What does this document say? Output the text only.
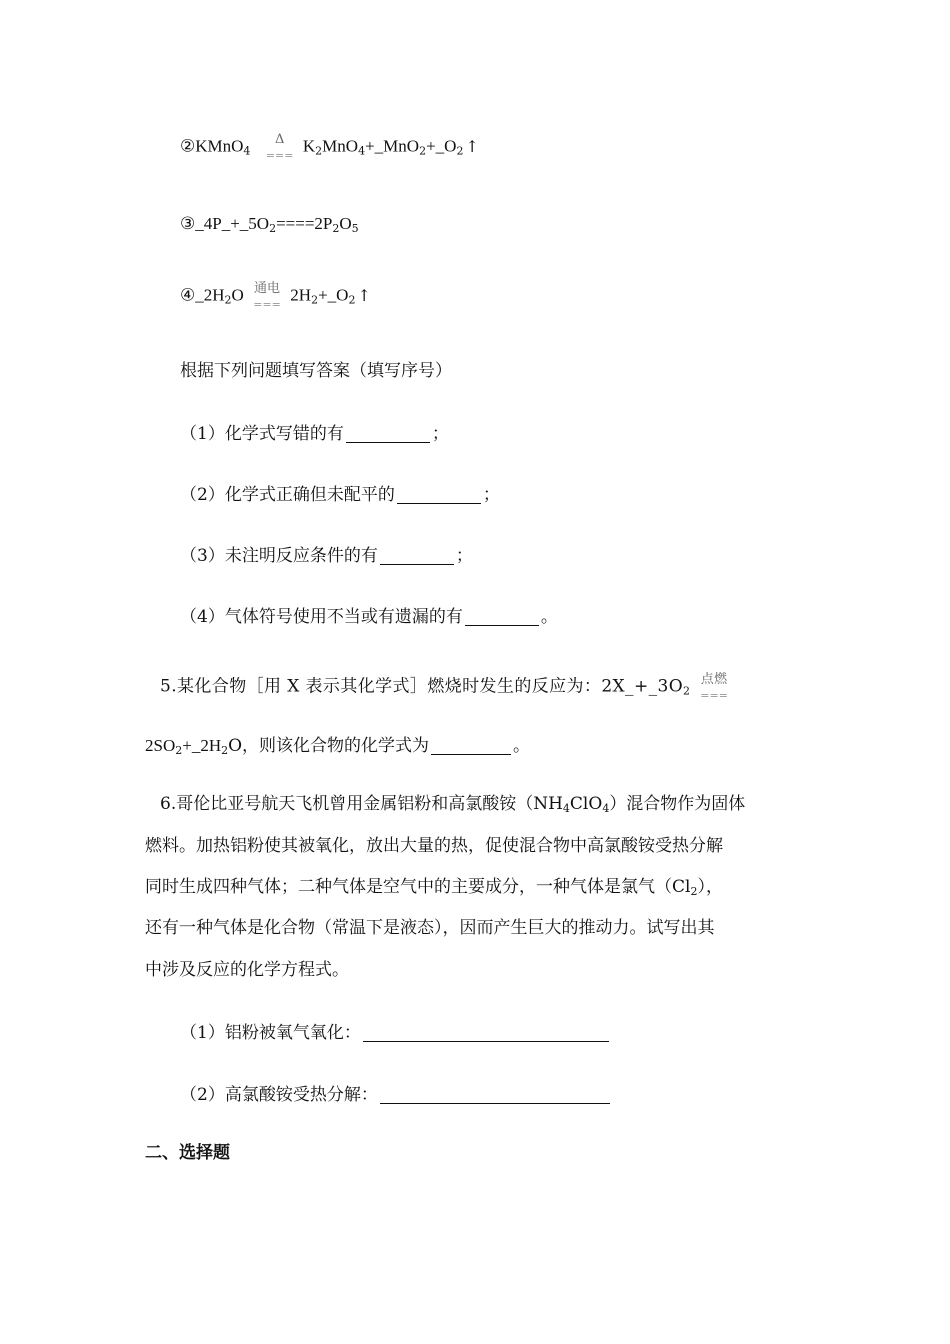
②KMnO$_4$
Δ
=== $K_2MnO_4+\_MnO_2+\_O_2$ ↑
$③\_4P\_+\_5O_2====2P_2O_5$
$④\_2H_2O$ 通电
=== $2H_2+\_O_2$ ↑
根据下列问题填写答案（填写序号）
（1）化学式写错的有	；
（2）化学式正确但未配平的	；
（3）未注明反应条件的有	；
（4）气体符号使用不当或有遗漏的有	。
5.某化合物［用 X 表示其化学式］燃烧时发生的反应为：$2X\_+\_3O_2$
点燃
===
$2SO_2+\_2H_2O$，则该化合物的化学式为	。
6.哥伦比亚号航天飞机曾用金属铝粉和高氯酸铵$(NH_4ClO_4)$混合物作为固体
燃料。加热铝粉使其被氧化，放出大量的热，促使混合物中高氯酸铵受热分解
同时生成四种气体；二种气体是空气中的主要成分，一种气体是氯气$(Cl_2)$，
还有一种气体是化合物（常温下是液态），因而产生巨大的推动力。试写出其
中涉及反应的化学方程式。
（1）铝粉被氧气氧化：
（2）高氯酸铵受热分解：
二、选择题
